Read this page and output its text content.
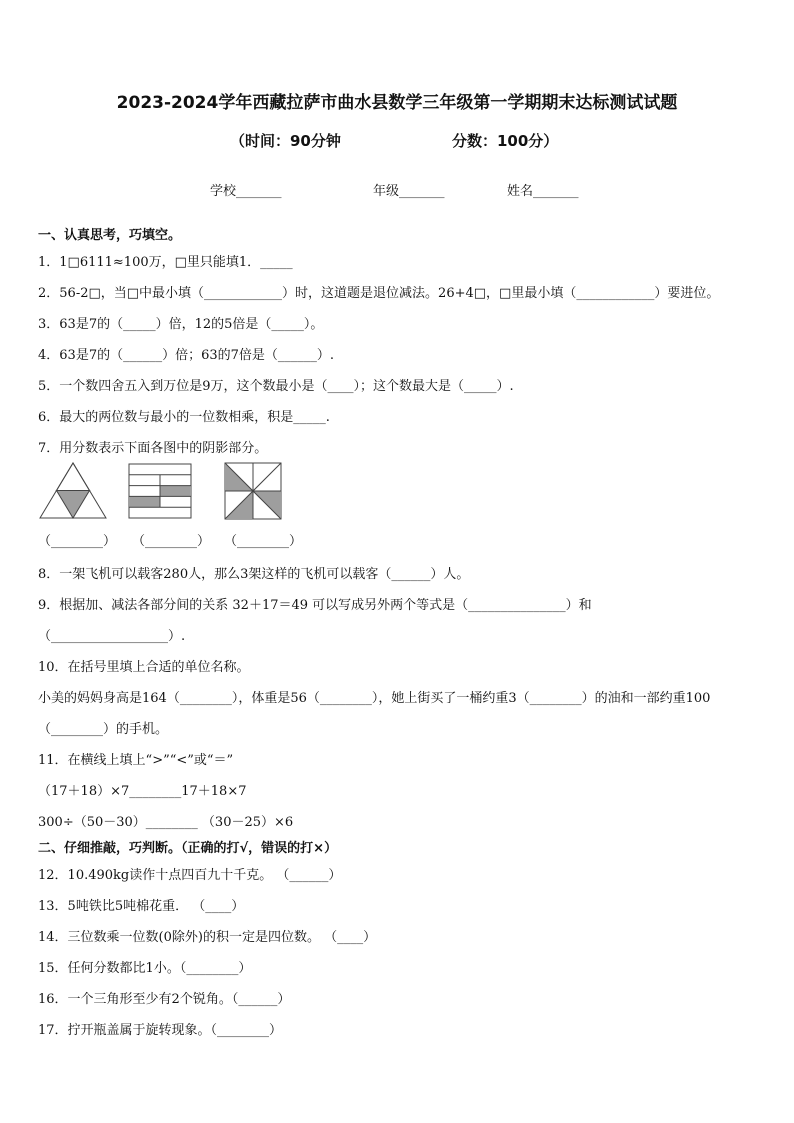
2023-2024学年西藏拉萨市曲水县数学三年级第一学期期末达标测试试题
（时间：90分钟	分数：100分）
学校_______	年级_______	姓名_______
一、认真思考，巧填空。
1．1□6111≈100万，□里只能填1．_____
2．56-2□，当□中最小填（____________）时，这道题是退位减法。26+4□，□里最小填（____________）要进位。
3．63是7的（_____）倍，12的5倍是（_____）。
4．63是7的（______）倍；63的7倍是（______）.
5．一个数四舍五入到万位是9万，这个数最小是（____）；这个数最大是（_____）.
6．最大的两位数与最小的一位数相乘，积是_____.
7．用分数表示下面各图中的阴影部分。
（________） （________） （________）
8．一架飞机可以载客280人，那么3架这样的飞机可以载客（______）人。
9．根据加、减法各部分间的关系 32＋17＝49 可以写成另外两个等式是（_______________）和
（__________________）.
10．在括号里填上合适的单位名称。
小美的妈妈身高是164（________），体重是56（________），她上街买了一桶约重3（________）的油和一部约重100
（________）的手机。
11．在横线上填上“>”“<”或“＝”
（17＋18）×7________17＋18×7
300÷（50－30）________ （30－25）×6
二、仔细推敲，巧判断。（正确的打√，错误的打×）
12．10.490kg读作十点四百九十千克。 （______）
13．5吨铁比5吨棉花重． （____）
14．三位数乘一位数(0除外)的积一定是四位数。 （____）
15．任何分数都比1小。（________）
16．一个三角形至少有2个锐角。（______）
17．拧开瓶盖属于旋转现象。（________）
